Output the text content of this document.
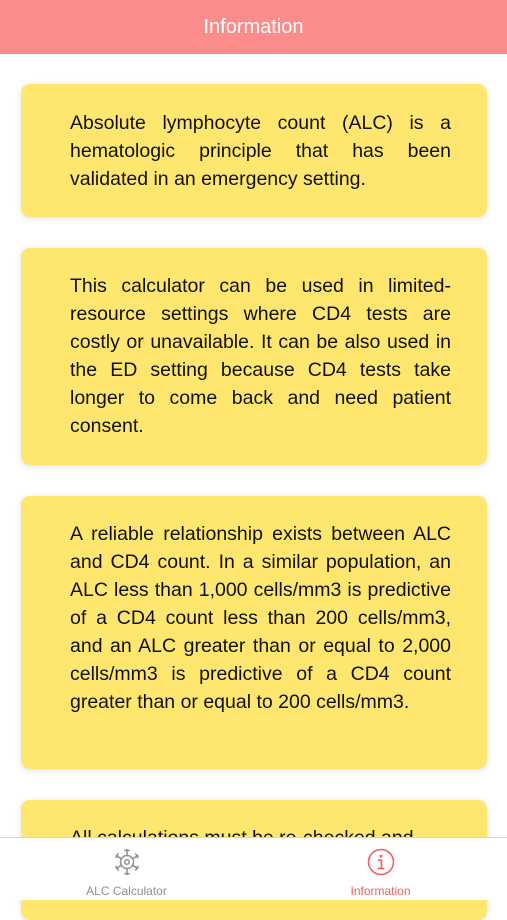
Information

Absolute lymphocyte count (ALC) is a hematologic principle that has been validated in an emergency setting.

This calculator can be used in limited-resource settings where CD4 tests are costly or unavailable. It can be also used in the ED setting because CD4 tests take longer to come back and need patient consent.

A reliable relationship exists between ALC and CD4 count. In a similar population, an ALC less than 1,000 cells/mm3 is predictive of a CD4 count less than 200 cells/mm3, and an ALC greater than or equal to 2,000 cells/mm3 is predictive of a CD4 count greater than or equal to 200 cells/mm3.

ALC Calculator	Information
